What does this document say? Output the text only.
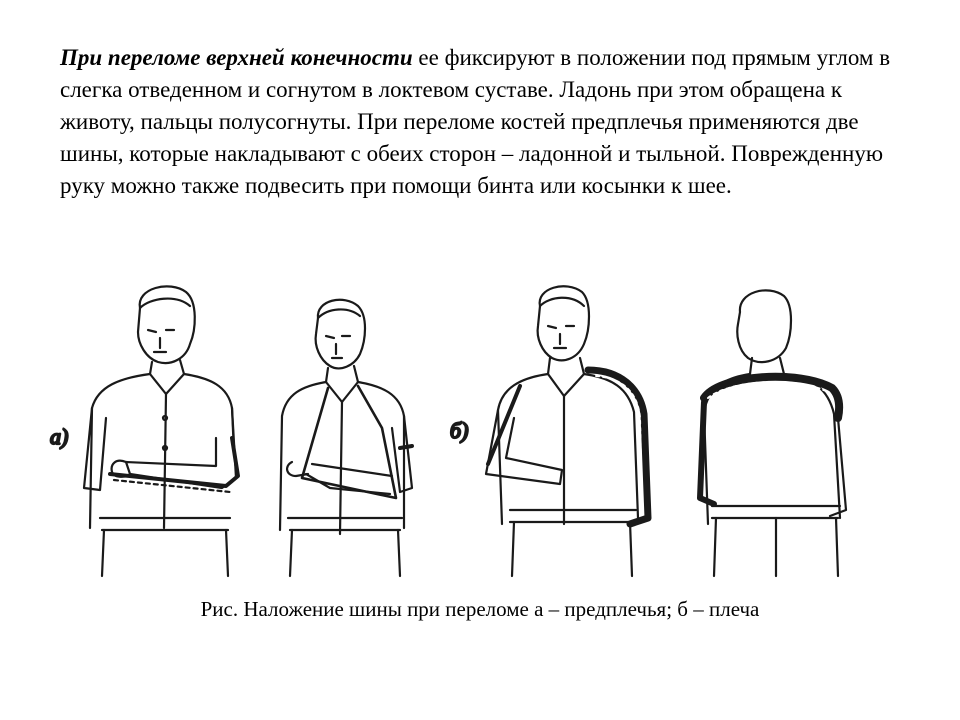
При переломе верхней конечности ее фиксируют в положении под прямым углом в слегка отведенном и согнутом в локтевом суставе. Ладонь при этом обращена к животу, пальцы полусогнуты. При переломе костей предплечья применяются две шины, которые накладывают с обеих сторон – ладонной и тыльной. Поврежденную руку можно также подвесить при помощи бинта или косынки к шее.

а)	б)
Рис. Наложение шины при переломе а – предплечья; б – плеча
